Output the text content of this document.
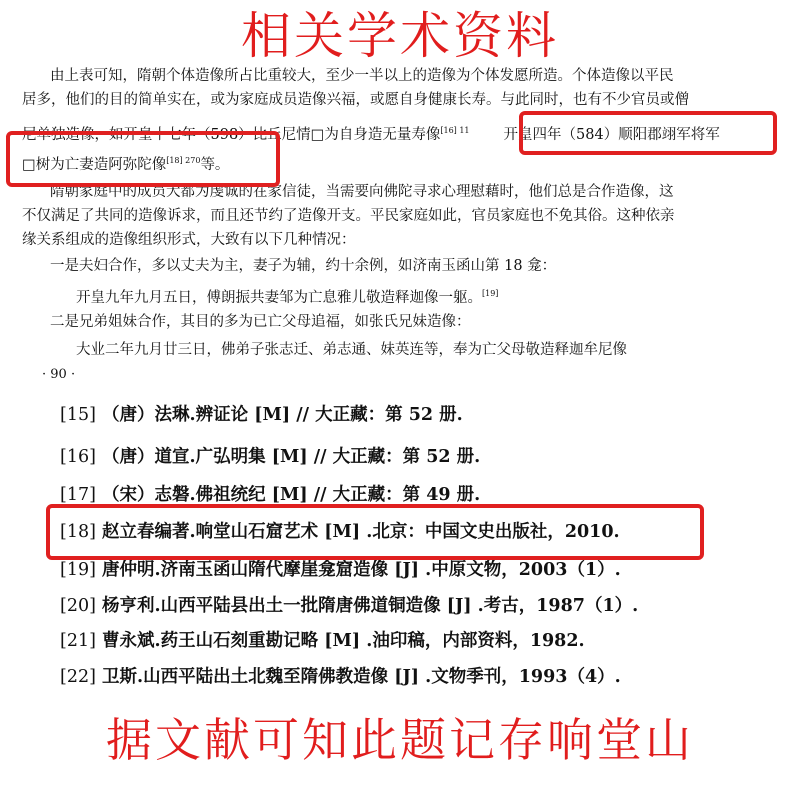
相关学术资料
由上表可知，隋朝个体造像所占比重较大，至少一半以上的造像为个体发愿所造。个体造像以平民
居多，他们的目的简单实在，或为家庭成员造像兴福，或愿自身健康长寿。与此同时，也有不少官员或僧
尼单独造像，如开皇十七年（598）比丘尼情□为自身造无量寿像$^{[16] 11}$ 开皇四年（584）顺阳郡翊军将军
□树为亡妻造阿弥陀像$^{[18] 270}$等。
隋朝家庭中的成员大都为虔诚的在家信徒，当需要向佛陀寻求心理慰藉时，他们总是合作造像，这
不仅满足了共同的造像诉求，而且还节约了造像开支。平民家庭如此，官员家庭也不免其俗。这种依亲
缘关系组成的造像组织形式，大致有以下几种情况：
一是夫妇合作，多以丈夫为主，妻子为辅，约十余例，如济南玉函山第 18 龛：
开皇九年九月五日，傅朗振共妻邹为亡息雅儿敬造释迦像一躯。[19]
二是兄弟姐妹合作，其目的多为已亡父母追福，如张氏兄妹造像：
大业二年九月廿三日，佛弟子张志迁、弟志通、妹英连等，奉为亡父母敬造释迦牟尼像
· 90 ·
[15] （唐）法琳.辨证论 [M] // 大正藏：第 52 册.
[16] （唐）道宣.广弘明集 [M] // 大正藏：第 52 册.
[17] （宋）志磐.佛祖统纪 [M] // 大正藏：第 49 册.
[18] 赵立春编著.响堂山石窟艺术 [M] .北京：中国文史出版社，2010.
[19] 唐仲明.济南玉函山隋代摩崖龛窟造像 [J] .中原文物，2003（1）.
[20] 杨亨利.山西平陆县出土一批隋唐佛道铜造像 [J] .考古，1987（1）.
[21] 曹永斌.药王山石刻重勘记略 [M] .油印稿，内部资料，1982.
[22] 卫斯.山西平陆出土北魏至隋佛教造像 [J] .文物季刊，1993（4）.
据文献可知此题记存响堂山
